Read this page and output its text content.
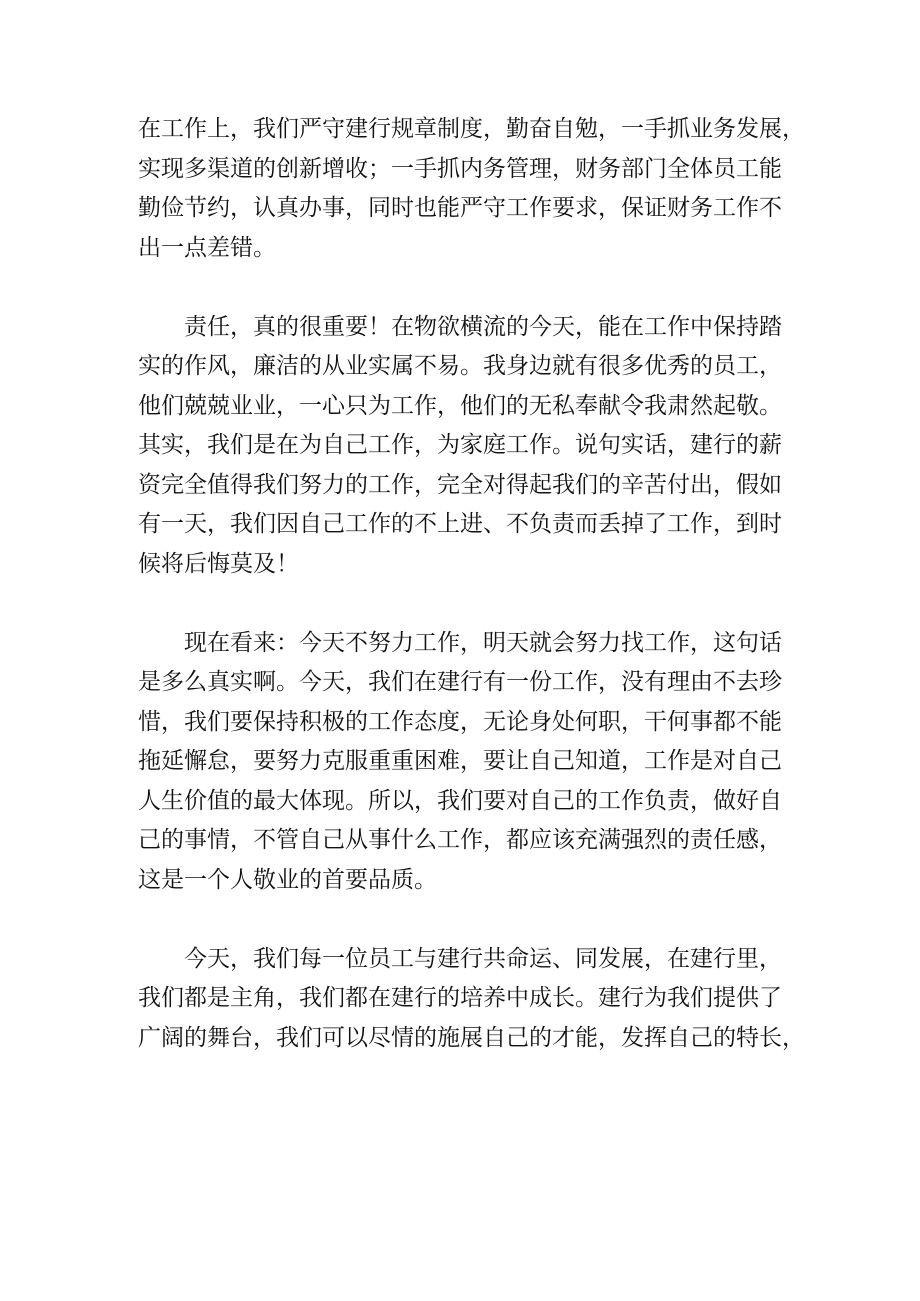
在工作上，我们严守建行规章制度，勤奋自勉，一手抓业务发展，
实现多渠道的创新增收；一手抓内务管理，财务部门全体员工能
勤俭节约，认真办事，同时也能严守工作要求，保证财务工作不
出一点差错。

责任，真的很重要！在物欲横流的今天，能在工作中保持踏
实的作风，廉洁的从业实属不易。我身边就有很多优秀的员工，
他们兢兢业业，一心只为工作，他们的无私奉献令我肃然起敬。
其实，我们是在为自己工作，为家庭工作。说句实话，建行的薪
资完全值得我们努力的工作，完全对得起我们的辛苦付出，假如
有一天，我们因自己工作的不上进、不负责而丢掉了工作，到时
候将后悔莫及！

现在看来：今天不努力工作，明天就会努力找工作，这句话
是多么真实啊。今天，我们在建行有一份工作，没有理由不去珍
惜，我们要保持积极的工作态度，无论身处何职，干何事都不能
拖延懈怠，要努力克服重重困难，要让自己知道，工作是对自己
人生价值的最大体现。所以，我们要对自己的工作负责，做好自
己的事情，不管自己从事什么工作，都应该充满强烈的责任感，
这是一个人敬业的首要品质。

今天，我们每一位员工与建行共命运、同发展，在建行里，
我们都是主角，我们都在建行的培养中成长。建行为我们提供了
广阔的舞台，我们可以尽情的施展自己的才能，发挥自己的特长，
